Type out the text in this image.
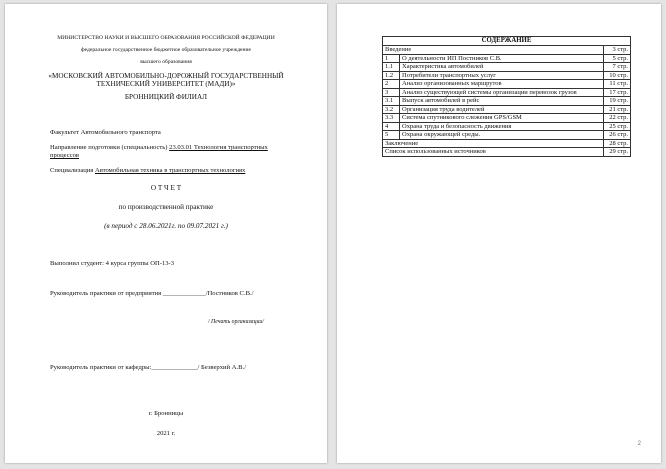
МИНИСТЕРСТВО НАУКИ И ВЫСШЕГО ОБРАЗОВАНИЯ РОССИЙСКОЙ ФЕДЕРАЦИИ
федеральное государственное бюджетное образовательное учреждение
высшего образования
«МОСКОВСКИЙ АВТОМОБИЛЬНО-ДОРОЖНЫЙ ГОСУДАРСТВЕННЫЙ
ТЕХНИЧЕСКИЙ УНИВЕРСИТЕТ (МАДИ)»
БРОННИЦКИЙ ФИЛИАЛ
Факультет Автомобильного транспорта
Направление подготовки (специальность) 23.03.01 Технология транспортных
процессов
Специализация Автомобильная техника в транспортных технологиях
О Т Ч Е Т
по производственной практике
(в период с 28.06.2021г. по 09.07.2021 г.)
Выполнил студент: 4 курса группы ОП-13-3
Руководитель практики от предприятия _____________/Постников С.В./
/ Печать организации/
Руководитель практики от кафедры:______________/ Безверхий А.В./
г. Бронницы
2021 г.
СОДЕРЖАНИЕ		
Введение		3 стр.
1	О деятельности ИП Постников С.В.	5 стр.
1.1	Характеристика автомобилей	7 стр.
1.2	Потребители транспортных услуг	10 стр.
2	Анализ организованных маршрутов	11 стр.
3	Анализ существующей системы организации перевозок грузов	17 стр.
3.1	Выпуск автомобилей в рейс	19 стр.
3.2	Организация труда водителей	21 стр.
3.3	Система спутникового слежения GPS/GSM	22 стр.
4	Охрана труда и безопасность движения	25 стр.
5	Охрана окружающей среды.	26 стр.
Заключение		28 стр.
Список использованных источников		29 стр.
2
